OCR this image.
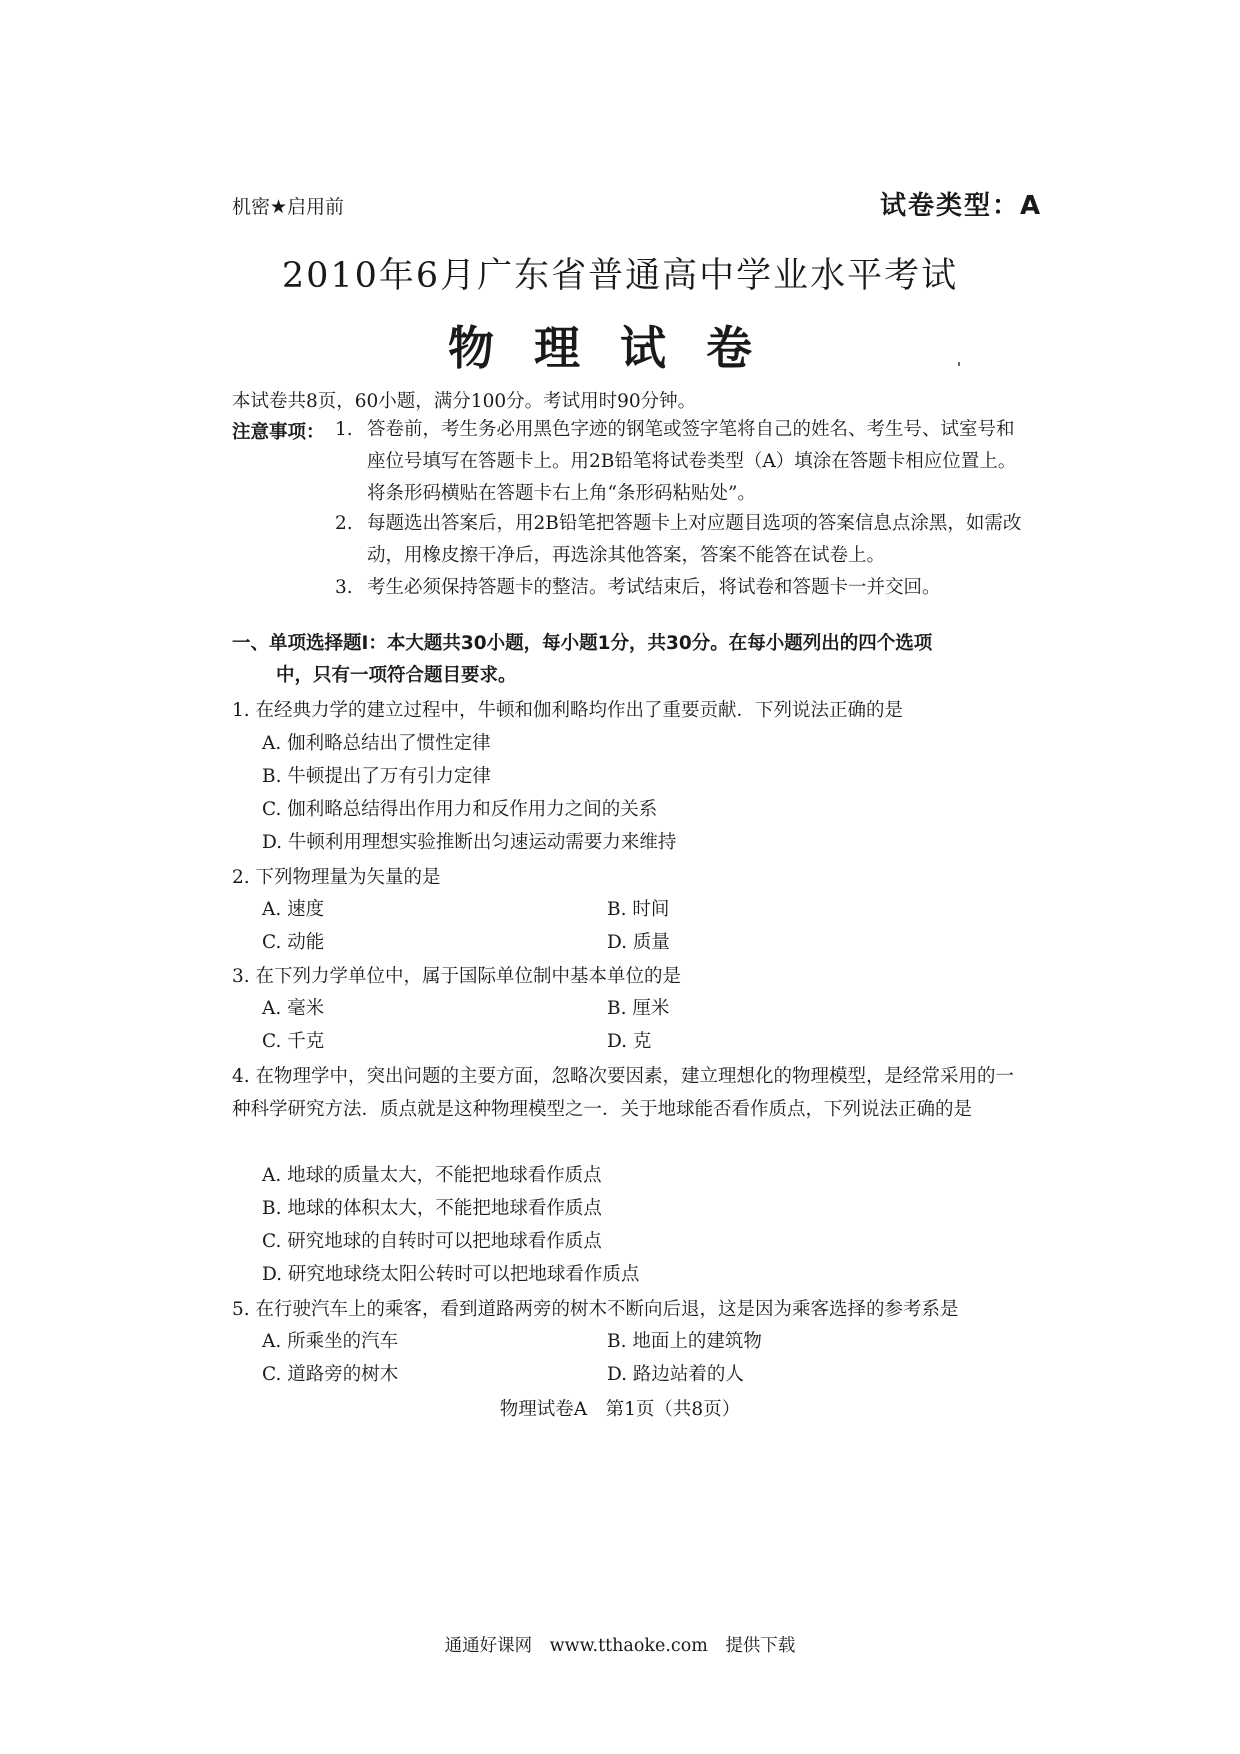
机密★启用前	试卷类型：A
2010年6月广东省普通高中学业水平考试
物理试卷
本试卷共8页，60小题，满分100分。考试用时90分钟。
注意事项： 1. 答卷前，考生务必用黑色字迹的钢笔或签字笔将自己的姓名、考生号、试室号和座位号填写在答题卡上。用2B铅笔将试卷类型（A）填涂在答题卡相应位置上。将条形码横贴在答题卡右上角“条形码粘贴处”。
2. 每题选出答案后，用2B铅笔把答题卡上对应题目选项的答案信息点涂黑，如需改动，用橡皮擦干净后，再选涂其他答案，答案不能答在试卷上。
3. 考生必须保持答题卡的整洁。考试结束后，将试卷和答题卡一并交回。
一、单项选择题Ⅰ：本大题共30小题，每小题1分，共30分。在每小题列出的四个选项
中，只有一项符合题目要求。
1. 在经典力学的建立过程中，牛顿和伽利略均作出了重要贡献．下列说法正确的是
A. 伽利略总结出了惯性定律
B. 牛顿提出了万有引力定律
C. 伽利略总结得出作用力和反作用力之间的关系
D. 牛顿利用理想实验推断出匀速运动需要力来维持
2. 下列物理量为矢量的是
A. 速度	B. 时间
C. 动能	D. 质量
3. 在下列力学单位中，属于国际单位制中基本单位的是
A. 毫米	B. 厘米
C. 千克	D. 克
4. 在物理学中，突出问题的主要方面，忽略次要因素，建立理想化的物理模型，是经常采用的一种科学研究方法．质点就是这种物理模型之一．关于地球能否看作质点，下列说法正确的是
A. 地球的质量太大，不能把地球看作质点
B. 地球的体积太大，不能把地球看作质点
C. 研究地球的自转时可以把地球看作质点
D. 研究地球绕太阳公转时可以把地球看作质点
5. 在行驶汽车上的乘客，看到道路两旁的树木不断向后退，这是因为乘客选择的参考系是
A. 所乘坐的汽车	B. 地面上的建筑物
C. 道路旁的树木	D. 路边站着的人
物理试卷A　第1页（共8页）
通通好课网　www.tthaoke.com　提供下载
